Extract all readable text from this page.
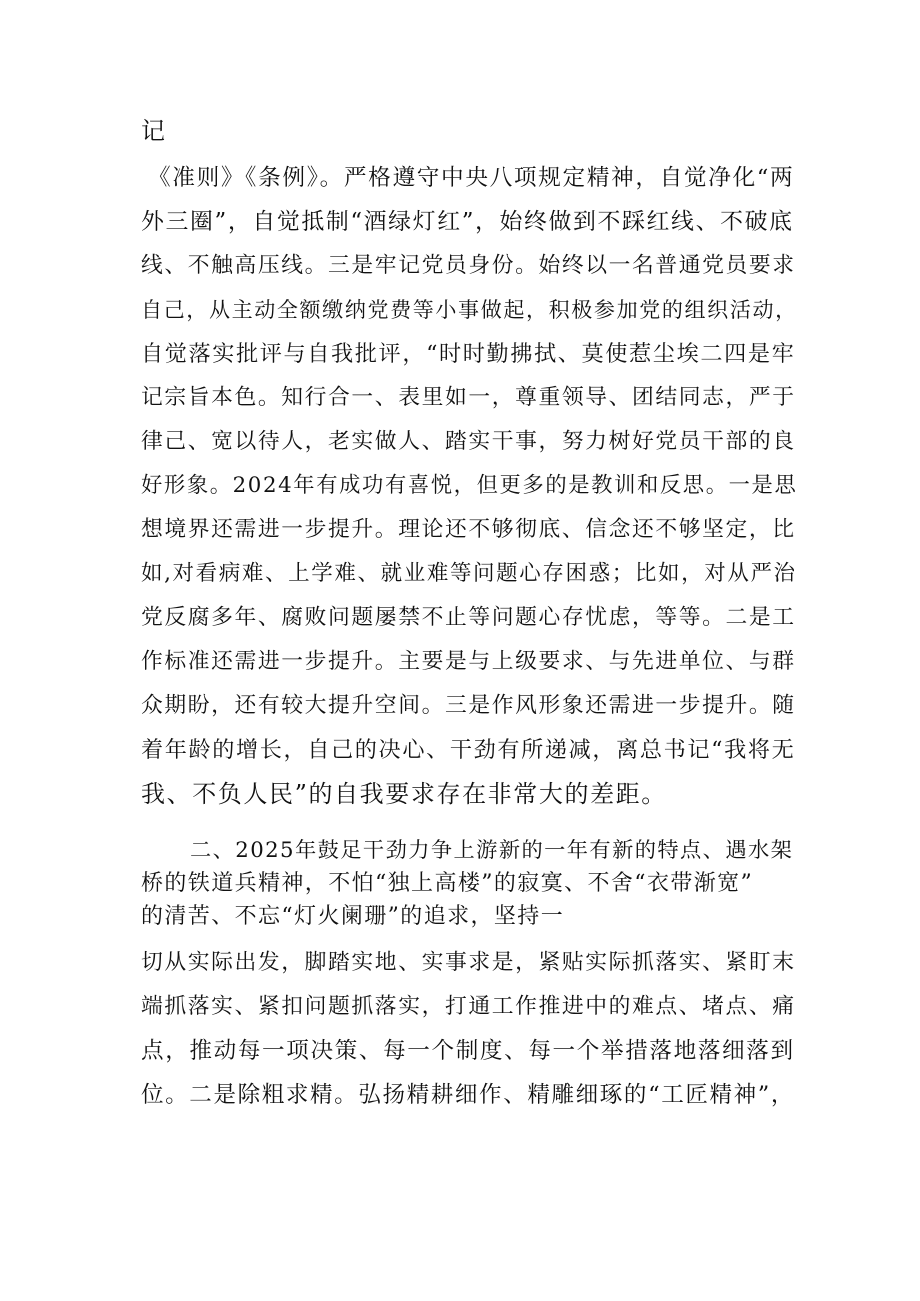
记
《准则》《条例》。严格遵守中央八项规定精神，自觉净化“两
外三圈”，自觉抵制“酒绿灯红”，始终做到不踩红线、不破底
线、不触高压线。三是牢记党员身份。始终以一名普通党员要求
自己，从主动全额缴纳党费等小事做起，积极参加党的组织活动，
自觉落实批评与自我批评，“时时勤拂拭、莫使惹尘埃二四是牢
记宗旨本色。知行合一、表里如一，尊重领导、团结同志，严于
律己、宽以待人，老实做人、踏实干事，努力树好党员干部的良
好形象。2024年有成功有喜悦，但更多的是教训和反思。一是思
想境界还需进一步提升。理论还不够彻底、信念还不够坚定，比
如,对看病难、上学难、就业难等问题心存困惑；比如，对从严治
党反腐多年、腐败问题屡禁不止等问题心存忧虑，等等。二是工
作标准还需进一步提升。主要是与上级要求、与先进单位、与群
众期盼，还有较大提升空间。三是作风形象还需进一步提升。随
着年龄的增长，自己的决心、干劲有所递减，离总书记“我将无
我、不负人民”的自我要求存在非常大的差距。
二、2025年鼓足干劲力争上游新的一年有新的特点、遇水架
桥的铁道兵精神，不怕“独上高楼”的寂寞、不舍“衣带渐宽”
的清苦、不忘“灯火阑珊”的追求，坚持一
切从实际出发，脚踏实地、实事求是，紧贴实际抓落实、紧盯末
端抓落实、紧扣问题抓落实，打通工作推进中的难点、堵点、痛
点，推动每一项决策、每一个制度、每一个举措落地落细落到
位。二是除粗求精。弘扬精耕细作、精雕细琢的“工匠精神”，
